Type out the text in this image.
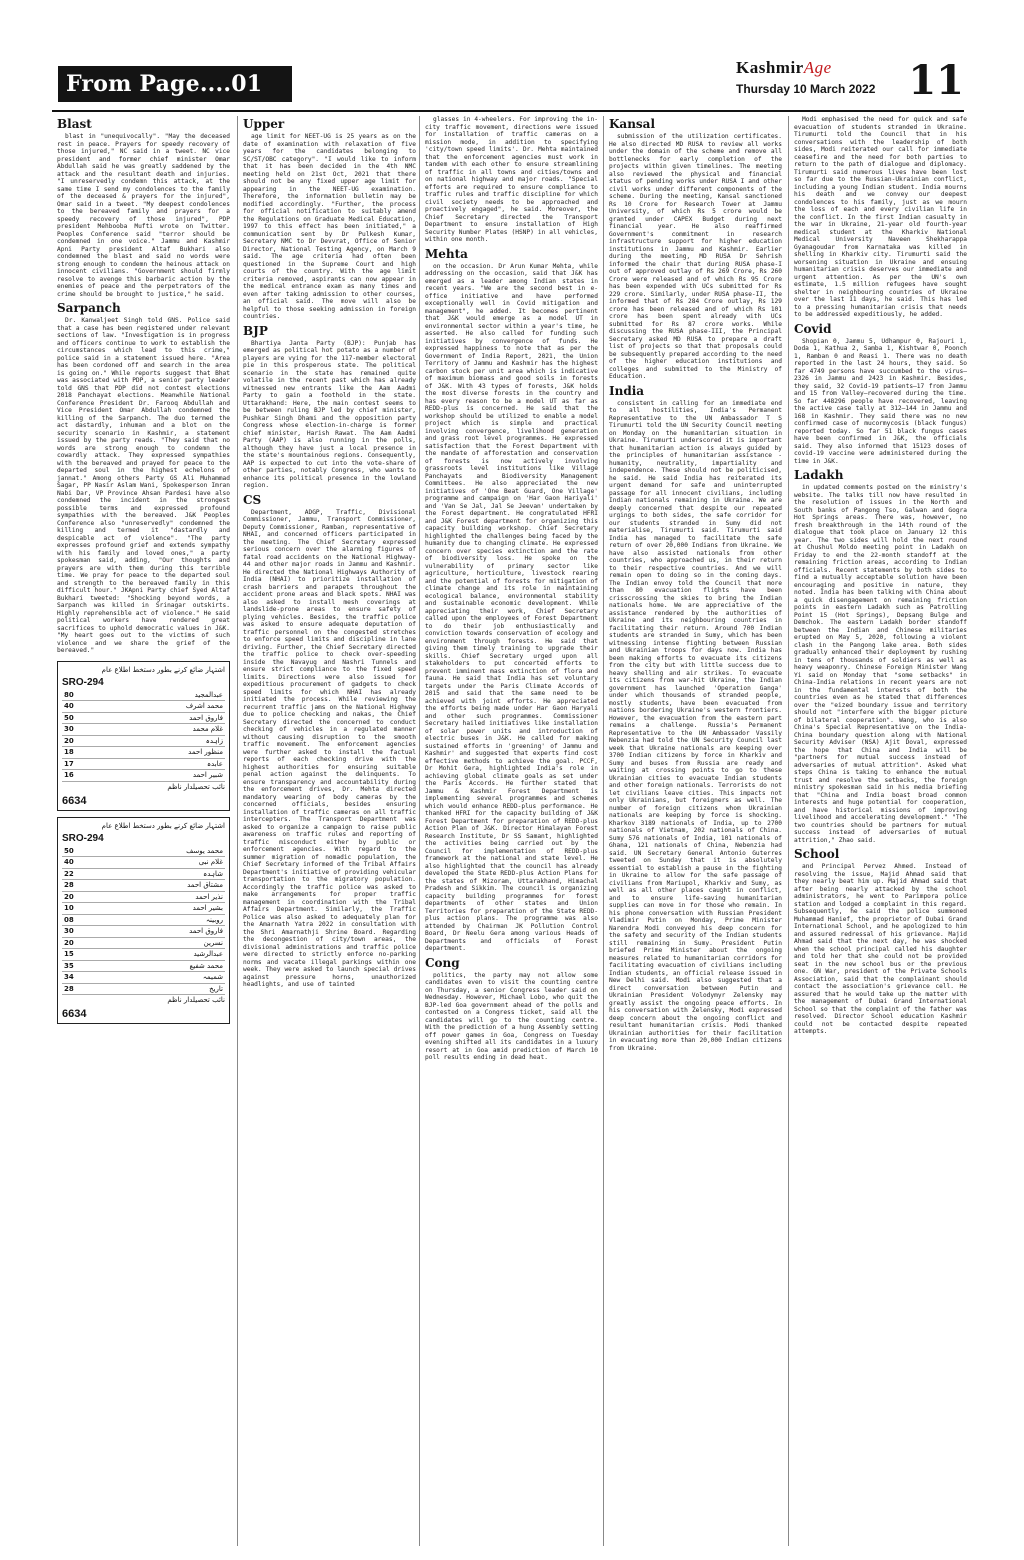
From Page....01
KashmirAge
Thursday 10 March 2022 11
Blast

blast in "unequivocally". "May the deceased rest in peace. Prayers for speedy recovery of those injured," NC said in a tweet. NC vice president and former chief minister Omar Abdullah said he was greatly saddened by the attack and the resultant death and injuries. "I unreservedly condemn this attack, at the same time I send my condolences to the family of the deceased & prayers for the injured", Omar said in a tweet. "My deepest condolences to the bereaved family and prayers for a speedy recovery of those injured", PDP president Mehbooba Mufti wrote on Twitter. Peoples Conference said "terror should be condemned in one voice." Jammu and Kashmir Apni Party president Altaf Bukhari also condemned the blast and said no words were strong enough to condemn the heinous attack on innocent civilians. "Government should firmly resolve to avenge this barbaric action by the enemies of peace and the perpetrators of the crime should be brought to justice," he said.

Sarpanch

Dr. Kanwaljeet Singh told GNS. Police said that a case has been registered under relevant sections of law. "Investigation is in progress and officers continue to work to establish the circumstances which lead to this crime," police said in a statement issued here. "Area has been cordoned off and search in the area is going on." While reports suggest that Bhat was associated with PDP, a senior party leader told GNS that PDP did not contest elections 2018 Panchayat elections. Meanwhile National Conference President Dr. Farooq Abdullah and Vice President Omar Abdullah condemned the killing of the Sarpanch. The duo termed the act dastardly, inhuman and a blot on the security scenario in Kashmir, a statement issued by the party reads. "They said that no words are strong enough to condemn the cowardly attack. They expressed sympathies with the bereaved and prayed for peace to the departed soul in the highest echelons of jannat." Among others Party GS Ali Muhammad Sagar, PP Nasir Aslam Wani, Spokesperson Imran Nabi Dar, VP Province Ahsan Pardesi have also condemned the incident in the strongest possible terms and expressed profound sympathies with the bereaved. J&K Peoples Conference also "unreservedly" condemned the killing and termed it "dastardly and despicable act of violence". "The party expresses profound grief and extends sympathy with his family and loved ones," a party spokesman said, adding, "Our thoughts and prayers are with them during this terrible time. We pray for peace to the departed soul and strength to the bereaved family in this difficult hour." JKApni Party chief Syed Altaf Bukhari tweeted: "Shocking beyond words, a Sarpanch was killed in Srinagar outskirts. Highly reprehensible act of violence." He said political workers have rendered great sacrifices to uphold democratic values in J&K. "My heart goes out to the victims of such violence and we share the grief of the bereaved."

اشتہار ضائع کرنے بطور دستخط اطلاع عام
SRO-294
80	عبدالمجید
40	محمد اشرف
50	فاروق احمد
30	غلام محمد
20	زاہدہ
18	منظور احمد
17	عابدہ
16	شبیر احمد
نائب تحصیلدار ناظم
6634
اشتہار ضائع کرنے بطور دستخط اطلاع عام
SRO-294
50	محمد یوسف
40	غلام نبی
22	شاہدہ
28	مشتاق احمد
20	نذیر احمد
10	بشیر احمد
08	روبینہ
30	فاروق احمد
20	نسرین
15	عبدالرشید
35	محمد شفیع
34	شمیمہ
28	تاریخ
نائب تحصیلدار ناظم
6634
Upper

age limit for NEET-UG is 25 years as on the date of examination with relaxation of five years for the candidates belonging to SC/ST/OBC category". "I would like to inform that it has been decided in the 4th NMC meeting held on 21st Oct, 2021 that there should not be any fixed upper age limit for appearing in the NEET-UG examination. Therefore, the information bulletin may be modified accordingly. "Further, the process for official notification to suitably amend the Regulations on Graduate Medical Education, 1997 to this effect has been initiated," a communication sent by Dr Pulkesh Kumar, Secretary NMC to Dr Devvrat, Office of Senior Director, National Testing Agency, on March 9 said. The age criteria had often been questioned in the Supreme Court and high courts of the country. With the age limit criteria removed, aspirants can now appear in the medical entrance exam as many times and even after taking admission to other courses, an official said. The move will also be helpful to those seeking admission in foreign countries.

BJP

Bhartiya Janta Party (BJP): Punjab has emerged as political hot potato as a number of players are vying for the 117-member electoral pie in this prosperous state. The political scenario in the state has remained quite volatile in the recent past which has already witnessed new entrants like the Aam Aadmi Party to gain a foothold in the state. Uttarakhand: Here, the main contest seems to be between ruling BJP led by chief minister, Pushkar Singh Dhami and the opposition party Congress whose election-in-charge is former chief minister, Harish Rawat. The Aam Aadmi Party (AAP) is also running in the polls, although they have just a local presence in the state's mountainous regions. Consequently, AAP is expected to cut into the vote-share of other parties, notably Congress, who wants to enhance its political presence in the lowland region.

CS

Department, ADGP, Traffic, Divisional Commissioner, Jammu, Transport Commissioner, Deputy Commissioner, Ramban, representative of NHAI, and concerned officers participated in the meeting. The Chief Secretary expressed serious concern over the alarming figures of fatal road accidents on the National Highway-44 and other major roads in Jammu and Kashmir. He directed the National Highways Authority of India (NHAI) to prioritize installation of crash barriers and parapets throughout the accident prone areas and black spots. NHAI was also asked to install mesh coverings at landslide-prone areas to ensure safety of plying vehicles. Besides, the traffic police was asked to ensure adequate deputation of traffic personnel on the congested stretches to enforce speed limits and discipline in lane driving. Further, the Chief Secretary directed the traffic police to check over-speeding inside the Navayug and Nashri Tunnels and ensure strict compliance to the fixed speed limits. Directions were also issued for expeditious procurement of gadgets to check speed limits for which NHAI has already initiated the process. While reviewing the recurrent traffic jams on the National Highway due to police checking and nakas, the Chief Secretary directed the concerned to conduct checking of vehicles in a regulated manner without causing disruption to the smooth traffic movement. The enforcement agencies were further asked to install the factual reports of each checking drive with the highest authorities for ensuring suitable penal action against the delinquents. To ensure transparency and accountability during the enforcement drives, Dr. Mehta directed mandatory wearing of body cameras by the concerned officials, besides ensuring installation of traffic cameras on all traffic intercepters. The Transport Department was asked to organize a campaign to raise public awareness on traffic rules and reporting of traffic misconduct either by public or enforcement agencies. With regard to the summer migration of nomadic population, the Chief Secretary informed of the Tribal Affairs Department's initiative of providing vehicular transportation to the migratory population. Accordingly the traffic police was asked to make arrangements for proper traffic management in coordination with the Tribal Affairs Department. Similarly, the Traffic Police was also asked to adequately plan for the Amarnath Yatra 2022 in consultation with the Shri Amarnathji Shrine Board. Regarding the decongestion of city/town areas, the divisional administrations and traffic police were directed to strictly enforce no-parking norms and vacate illegal parkings within one week. They were asked to launch special drives against pressure horns, unauthorized headlights, and use of tainted

glasses in 4-wheelers. For improving the in-city traffic movement, directions were issued for installation of traffic cameras on a mission mode, in addition to specifying 'city/town speed limits'. Dr. Mehta maintained that the enforcement agencies must work in tandem with each other to ensure streamlining of traffic in all towns and cities/towns and on national highway and major roads. "Special efforts are required to ensure compliance to traffic rules and traffic discipline for which civil society needs to be approached and proactively engaged", he said. Moreover, the Chief Secretary directed the Transport Department to ensure installation of High Security Number Plates (HSNP) in all vehicles, within one month.

Mehta

on the occasion. Dr Arun Kumar Mehta, while addressing on the occasion, said that J&K has emerged as a leader among Indian states in recent years. "We are the second best in e-office initiative and have performed exceptionally well in Covid mitigation and management", he added. It becomes pertinent that J&K would emerge as a model UT in environmental sector within a year's time, he asserted. He also called for funding such initiatives by convergence of funds. He expressed happiness to note that as per the Government of India Report, 2021, the Union Territory of Jammu and Kashmir has the highest carbon stock per unit area which is indicative of maximum biomass and good soils in forests of J&K. With 43 types of forests, J&K holds the most diverse forests in the country and has every reason to be a model UT as far as REDD-plus is concerned. He said that the workshop should be utilized to enable a model project which is simple and practical involving convergence, livelihood generation and grass root level programmes. He expressed satisfaction that the Forest Department with the mandate of afforestation and conservation of forests is now actively involving grassroots level institutions like Village Panchayats and Biodiversity Management Committees. He also appreciated the new initiatives of 'One Beat Guard, One Village' programme and campaign on 'Har Gaon Hariyali' and 'Van Se Jal, Jal Se Jeevan' undertaken by the Forest department. He congratulated HFRI and J&K Forest department for organizing this capacity building workshop. Chief Secretary highlighted the challenges being faced by the humanity due to changing climate. He expressed concern over species extinction and the rate of biodiversity loss. He spoke on the vulnerability of primary sector like agriculture, horticulture, livestock rearing and the potential of forests for mitigation of climate change and its role in maintaining ecological balance, environmental stability and sustainable economic development. While appreciating their work, Chief Secretary called upon the employees of Forest Department to do their job enthusiastically and conviction towards conservation of ecology and environment through forests. He said that giving them timely training to upgrade their skills. Chief Secretary urged upon all stakeholders to put concerted efforts to prevent imminent mass extinction of flora and fauna. He said that India has set voluntary targets under the Paris Climate Accords of 2015 and said that the same need to be achieved with joint efforts. He appreciated the efforts being made under Har Gaon Haryali and other such programmes. Commissioner Secretary hailed initiatives like installation of solar power units and introduction of electric buses in J&K. He called for making sustained efforts in 'greening' of Jammu and Kashmir' and suggested that experts find cost effective methods to achieve the goal. PCCF, Dr Mohit Gera, highlighted India's role in achieving global climate goals as set under the Paris Accords. He further stated that Jammu & Kashmir Forest Department is implementing several programmes and schemes which would enhance REDD-plus performance. He thanked HFRI for the capacity building of J&K Forest Department for preparation of REDD-plus Action Plan of J&K. Director Himalayan Forest Research Institute, Dr SS Samant, highlighted the activities being carried out by the Council for implementation of REDD-plus framework at the national and state level. He also highlighted that the council has already developed the State REDD-plus Action Plans for the states of Mizoram, Uttarakhand, Himachal Pradesh and Sikkim. The council is organizing capacity building programmes for forest departments of other states and Union Territories for preparation of the State REDD-plus action plans. The programme was also attended by Chairman JK Pollution Control Board, Dr Neelu Gera among various Heads of Departments and officials of Forest department.

Cong

politics, the party may not allow some candidates even to visit the counting centre on Thursday, a senior Congress leader said on Wednesday. However, Michael Lobo, who quit the BJP-led Goa government ahead of the polls and contested on a Congress ticket, said all the candidates will go to the counting centre. With the prediction of a hung Assembly setting off power games in Goa, Congress on Tuesday evening shifted all its candidates in a luxury resort at in Goa amid prediction of March 10 poll results ending in dead heat.

Kansal

submission of the utilization certificates. He also directed MD RUSA to review all works under the domain of the scheme and remove all bottlenecks for early completion of the projects within given timelines. The meeting also reviewed the physical and financial status of pending works under RUSA I and other civil works under different components of the scheme. During the meeting, Kansal sanctioned Rs 10 Crore for Research Tower at Jammu University, of which Rs 5 crore would be granted under CAPEX Budget during next financial year. He also reaffirmed Government's commitment in research infrastructure support for higher education institutions in Jammu and Kashmir. Earlier during the meeting, MD RUSA Dr Sehrish informed the chair that during RUSA phase-I out of approved outlay of Rs 269 Crore, Rs 260 Crore were released and of which Rs 95 Crore has been expended with UCs submitted for Rs 229 crore. Similarly, under RUSA phase-II, the informed that of Rs 284 Crore outlay, Rs 129 crore has been released and of which Rs 101 crore has been spent already with UCs submitted for Rs 87 crore works. While discussing the RUSA phase-III, the Principal Secretary asked MD RUSA to prepare a draft list of projects so that that proposals could be subsequently prepared according to the need of the higher education institutions and colleges and submitted to the Ministry of Education.

India

consistent in calling for an immediate end to all hostilities, India's Permanent Representative to the UN Ambassador T S Tirumurti told the UN Security Council meeting on Monday on the humanitarian situation in Ukraine. Tirumurti underscored it is important that humanitarian action is always guided by the principles of humanitarian assistance - humanity, neutrality, impartiality and independence. These should not be politicised, he said. He said India has reiterated its urgent demand for safe and uninterrupted passage for all innocent civilians, including Indian nationals remaining in Ukraine. We are deeply concerned that despite our repeated urgings to both sides, the safe corridor for our students stranded in Sumy did not materialise, Tirumurti said. Tirumurti said India has managed to facilitate the safe return of over 20,000 Indians from Ukraine. We have also assisted nationals from other countries, who approached us, in their return to their respective countries. And we will remain open to doing so in the coming days. The Indian envoy told the Council that more than 80 evacuation flights have been crisscrossing the skies to bring the Indian nationals home. We are appreciative of the assistance rendered by the authorities of Ukraine and its neighbouring countries in facilitating their return. Around 700 Indian students are stranded in Sumy, which has been witnessing intense fighting between Russian and Ukrainian troops for days now. India has been making efforts to evacuate its citizens from the city but with little success due to heavy shelling and air strikes. To evacuate its citizens from war-hit Ukraine, the Indian government has launched 'Operation Ganga' under which thousands of stranded people, mostly students, have been evacuated from nations bordering Ukraine's western frontiers. However, the evacuation from the eastern part remains a challenge. Russia's Permanent Representative to the UN Ambassador Vassily Nebenzia had told the UN Security Council last week that Ukraine nationals are keeping over 3700 Indian citizens by force in Kharkiv and Sumy and buses from Russia are ready and waiting at crossing points to go to these Ukrainian cities to evacuate Indian students and other foreign nationals. Terrorists do not let civilians leave cities. This impacts not only Ukrainians, but foreigners as well. The number of foreign citizens whom Ukrainian nationals are keeping by force is shocking. Kharkov 3189 nationals of India, up to 2700 nationals of Vietnam, 202 nationals of China. Sumy 576 nationals of India, 101 nationals of Ghana, 121 nationals of China, Nebenzia had said. UN Secretary General Antonio Guterres tweeted on Sunday that it is absolutely essential to establish a pause in the fighting in Ukraine to allow for the safe passage of civilians from Mariupol, Kharkiv and Sumy, as well as all other places caught in conflict, and to ensure life-saving humanitarian supplies can move in for those who remain. In his phone conversation with Russian President Vladimir Putin on Monday, Prime Minister Narendra Modi conveyed his deep concern for the safety and security of the Indian students still remaining in Sumy. President Putin briefed Prime Minister about the ongoing measures related to humanitarian corridors for facilitating evacuation of civilians including Indian students, an official release issued in New Delhi said. Modi also suggested that a direct conversation between Putin and Ukrainian President Volodymyr Zelensky may greatly assist the ongoing peace efforts. In his conversation with Zelensky, Modi expressed deep concern about the ongoing conflict and resultant humanitarian crisis. Modi thanked Ukrainian authorities for their facilitation in evacuating more than 20,000 Indian citizens from Ukraine.

Modi emphasised the need for quick and safe evacuation of students stranded in Ukraine. Tirumurti told the Council that in his conversations with the leadership of both sides, Modi reiterated our call for immediate ceasefire and the need for both parties to return to the path of dialogue and diplomacy. Tirumurti said numerous lives have been lost so far due to the Russian-Ukrainian conflict, including a young Indian student. India mourns his death and we convey our deepest condolences to his family, just as we mourn the loss of each and every civilian life in the conflict. In the first Indian casualty in the war in Ukraine, 21-year old fourth-year medical student at the Kharkiv National Medical University Naveen Shekharappa Gyanagoudar from Karnataka was killed in shelling in Kharkiv city. Tirumurti said the worsening situation in Ukraine and ensuing humanitarian crisis deserves our immediate and urgent attention. As per the UN's own estimate, 1.5 million refugees have sought shelter in neighbouring countries of Ukraine over the last 11 days, he said. This has led to a pressing humanitarian crisis that needs to be addressed expeditiously, he added.

Covid

Shopian 0, Jammu 5, Udhampur 0, Rajouri 1, Doda 1, Kathua 2, Samba 1, Kishtwar 0, Poonch 1, Ramban 0 and Reasi 1. There was no death reported in the last 24 hours, they said. So far 4749 persons have succumbed to the virus—2326 in Jammu and 2423 in Kashmir. Besides, they said, 32 Covid-19 patients—17 from Jammu and 15 from Valley—recovered during the time. So far 448296 people have recovered, leaving the active case tally at 312—144 in Jammu and 168 in Kashmir. They said there was no new confirmed case of mucormycosis (black fungus) reported today. So far 51 black fungus cases have been confirmed in J&K, the officials said. They also informed that 15123 doses of covid-19 vaccine were administered during the time in J&K.

Ladakh

in updated comments posted on the ministry's website. The talks till now have resulted in the resolution of issues in the North and South banks of Pangong Tso, Galwan and Gogra Hot Springs areas. There was, however, no fresh breakthrough in the 14th round of the dialogue that took place on January 12 this year. The two sides will hold the next round at Chushul Moldo meeting point in Ladakh on Friday to end the 22-month standoff at the remaining friction areas, according to Indian officials. Recent statements by both sides to find a mutually acceptable solution have been encouraging and positive in nature, they noted. India has been talking with China about a quick disengagement on remaining friction points in eastern Ladakh such as Patrolling Point 15 (Hot Springs), Depsang Bulge and Demchok. The eastern Ladakh border standoff between the Indian and Chinese militaries erupted on May 5, 2020, following a violent clash in the Pangong lake area. Both sides gradually enhanced their deployment by rushing in tens of thousands of soldiers as well as heavy weaponry. Chinese Foreign Minister Wang Yi said on Monday that "some setbacks" in China-India relations in recent years are not in the fundamental interests of both the countries even as he stated that differences over the "eized boundary issue and territory should not "interfere with the bigger picture of bilateral cooperation". Wang, who is also China's Special Representative on the India-China boundary question along with National Security Adviser (NSA) Ajit Doval, expressed the hope that China and India will be "partners for mutual success instead of adversaries of mutual attrition". Asked what steps China is taking to enhance the mutual trust and resolve the setbacks, the foreign ministry spokesman said in his media briefing that "China and India boast broad common interests and huge potential for cooperation, and have historical missions of improving livelihood and accelerating development." "The two countries should be partners for mutual success instead of adversaries of mutual attrition," Zhao said.

School

and Principal Pervez Ahmed. Instead of resolving the issue, Majid Ahmad said that they nearly beat him up. Majid Ahmad said that after being nearly attacked by the school administrators, he went to Parimpora police station and lodged a complaint in this regard. Subsequently, he said the police summoned Muhammad Hanief, the proprietor of Dubai Grand International School, and he apologized to him and assured redressal of his grievance. Majid Ahmad said that the next day, he was shocked when the school principal called his daughter and told her that she could not be provided seat in the new school bus or the previous one. GN War, president of the Private Schools Association, said that the complainant should contact the association's grievance cell. He assured that he would take up the matter with the management of Dubai Grand International School so that the complaint of the father was resolved. Director School education Kashmir could not be contacted despite repeated attempts.
